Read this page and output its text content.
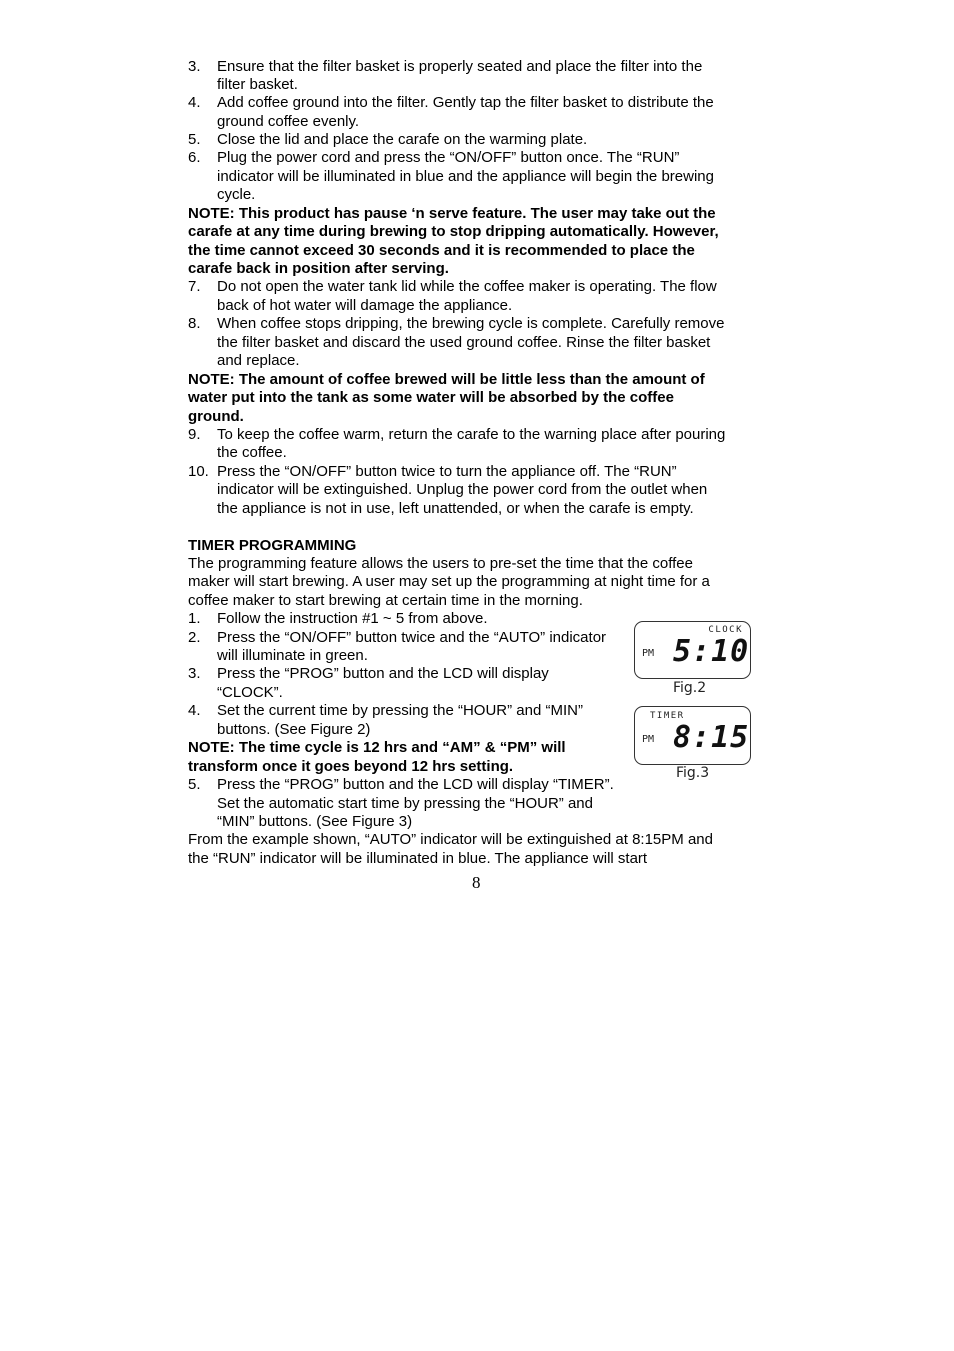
3. Ensure that the filter basket is properly seated and place the filter into the
filter basket.
4. Add coffee ground into the filter. Gently tap the filter basket to distribute the
ground coffee evenly.
5. Close the lid and place the carafe on the warming plate.
6. Plug the power cord and press the “ON/OFF” button once. The “RUN”
indicator will be illuminated in blue and the appliance will begin the brewing
cycle.
NOTE: This product has pause ‘n serve feature. The user may take out the
carafe at any time during brewing to stop dripping automatically. However,
the time cannot exceed 30 seconds and it is recommended to place the
carafe back in position after serving.
7. Do not open the water tank lid while the coffee maker is operating. The flow
back of hot water will damage the appliance.
8. When coffee stops dripping, the brewing cycle is complete. Carefully remove
the filter basket and discard the used ground coffee. Rinse the filter basket
and replace.
NOTE: The amount of coffee brewed will be little less than the amount of
water put into the tank as some water will be absorbed by the coffee
ground.
9. To keep the coffee warm, return the carafe to the warning place after pouring
the coffee.
10. Press the “ON/OFF” button twice to turn the appliance off. The “RUN”
indicator will be extinguished. Unplug the power cord from the outlet when
the appliance is not in use, left unattended, or when the carafe is empty.
TIMER PROGRAMMING
The programming feature allows the users to pre-set the time that the coffee
maker will start brewing. A user may set up the programming at night time for a
coffee maker to start brewing at certain time in the morning.
1. Follow the instruction #1 ~ 5 from above.
2. Press the “ON/OFF” button twice and the “AUTO” indicator
will illuminate in green.
3. Press the “PROG” button and the LCD will display
“CLOCK”.
4. Set the current time by pressing the “HOUR” and “MIN”
buttons. (See Figure 2)
NOTE: The time cycle is 12 hrs and “AM” & “PM” will
transform once it goes beyond 12 hrs setting.
5. Press the “PROG” button and the LCD will display “TIMER”.
Set the automatic start time by pressing the “HOUR” and
“MIN” buttons. (See Figure 3)
From the example shown, “AUTO” indicator will be extinguished at 8:15PM and
the “RUN” indicator will be illuminated in blue. The appliance will start
CLOCK
PM 5:10
Fig.2
TIMER
PM 8:15
Fig.3
8
